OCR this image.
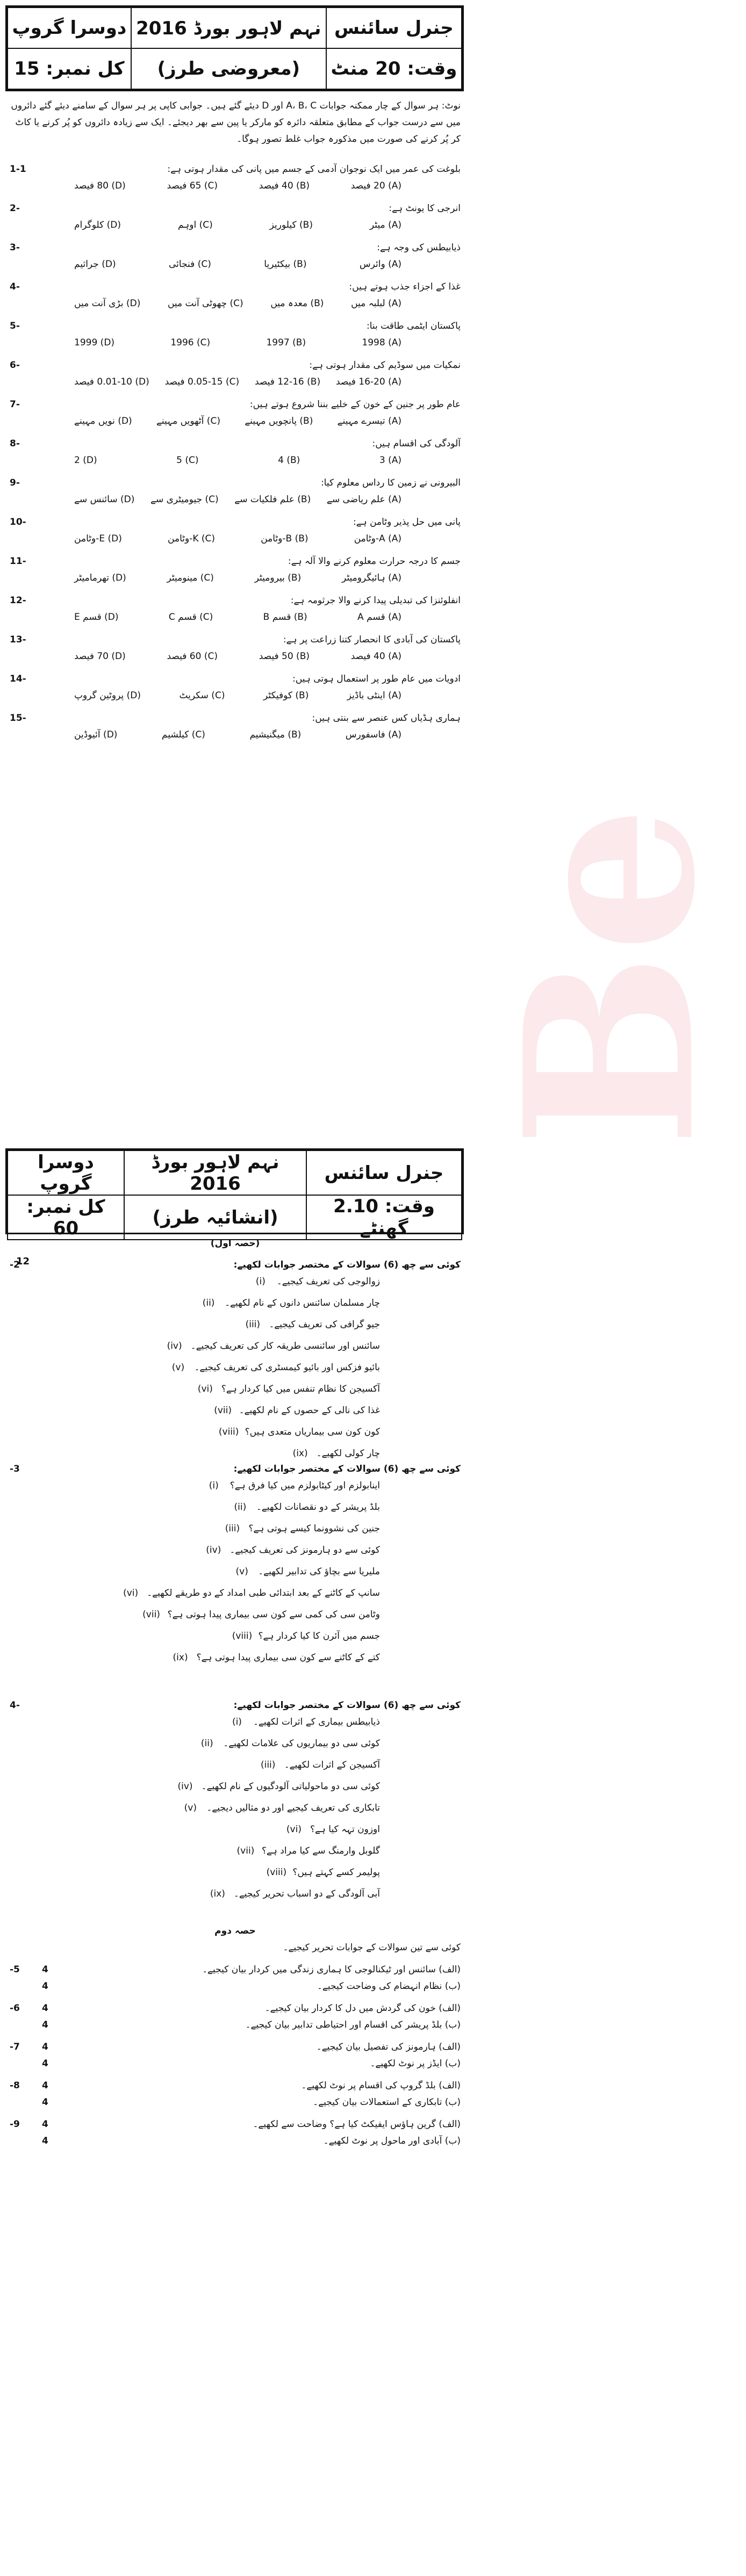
Be
دوسرا گروپ	نہم لاہور بورڈ 2016	جنرل سائنس
کل نمبر: 15	(معروضی طرز)	وقت: 20 منٹ
نوٹ: ہر سوال کے چار ممکنہ جوابات A، B، C اور D دیئے گئے ہیں۔ جوابی کاپی پر ہر سوال کے سامنے دیئے گئے دائروں میں سے درست جواب کے مطابق متعلقہ دائرہ کو مارکر یا پین سے بھر دیجئے۔ ایک سے زیادہ دائروں کو پُر کرنے یا کاٹ کر پُر کرنے کی صورت میں مذکورہ جواب غلط تصور ہوگا۔
بلوغت کی عمر میں ایک نوجوان آدمی کے جسم میں پانی کی مقدار ہوتی ہے:
1-1
(A) 20 فیصد
(B) 40 فیصد
(C) 65 فیصد
(D) 80 فیصد
انرجی کا یونٹ ہے:
2-
(A) میٹر
(B) کیلوریز
(C) اوہم
(D) کلوگرام
ذیابیطس کی وجہ ہے:
3-
(A) وائرس
(B) بیکٹیریا
(C) فنجائی
(D) جراثیم
غذا کے اجزاء جذب ہوتے ہیں:
4-
(A) لبلبہ میں
(B) معدہ میں
(C) چھوٹی آنت میں
(D) بڑی آنت میں
پاکستان ایٹمی طاقت بنا:
5-
(A) 1998
(B) 1997
(C) 1996
(D) 1999
نمکیات میں سوڈیم کی مقدار ہوتی ہے:
6-
(A) 16-20 فیصد
(B) 12-16 فیصد
(C) 0.05-15 فیصد
(D) 0.01-10 فیصد
عام طور پر جنین کے خون کے خلیے بننا شروع ہوتے ہیں:
7-
(A) تیسرے مہینے
(B) پانچویں مہینے
(C) آٹھویں مہینے
(D) نویں مہینے
آلودگی کی اقسام ہیں:
8-
(A) 3
(B) 4
(C) 5
(D) 2
البیرونی نے زمین کا رداس معلوم کیا:
9-
(A) علم ریاضی سے
(B) علم فلکیات سے
(C) جیومیٹری سے
(D) سائنس سے
پانی میں حل پذیر وٹامن ہے:
10-
(A) A-وٹامن
(B) B-وٹامن
(C) K-وٹامن
(D) E-وٹامن
جسم کا درجہ حرارت معلوم کرنے والا آلہ ہے:
11-
(A) ہائیگرومیٹر
(B) بیرومیٹر
(C) مینومیٹر
(D) تھرمامیٹر
انفلوئنزا کی تبدیلی پیدا کرنے والا جرثومہ ہے:
12-
(A) قسم A
(B) قسم B
(C) قسم C
(D) قسم E
پاکستان کی آبادی کا انحصار کتنا زراعت پر ہے:
13-
(A) 40 فیصد
(B) 50 فیصد
(C) 60 فیصد
(D) 70 فیصد
ادویات میں عام طور پر استعمال ہوتی ہیں:
14-
(A) اینٹی باڈیز
(B) کوفیکٹر
(C) سکریٹ
(D) پروٹین گروپ
ہماری ہڈیاں کس عنصر سے بنتی ہیں:
15-
(A) فاسفورس
(B) میگنیشیم
(C) کیلشیم
(D) آئیوڈین
دوسرا گروپ	نہم لاہور بورڈ 2016	جنرل سائنس
کل نمبر: 60	(انشائیہ طرز)	وقت: 2.10 گھنٹے
(حصہ اول)
12	کوئی سے چھ (6) سوالات کے مختصر جوابات لکھیے:
-2
زوالوجی کی تعریف کیجیے۔
(i)
چار مسلمان سائنس دانوں کے نام لکھیے۔
(ii)
جیو گرافی کی تعریف کیجیے۔
(iii)
سائنس اور سائنسی طریقہ کار کی تعریف کیجیے۔
(iv)
بائیو فزکس اور بائیو کیمسٹری کی تعریف کیجیے۔
(v)
آکسیجن کا نظام تنفس میں کیا کردار ہے؟
(vi)
غذا کی نالی کے حصوں کے نام لکھیے۔
(vii)
کون کون سی بیماریاں متعدی ہیں؟
(viii)
چار کولی لکھیے۔
(ix)
کوئی سے چھ (6) سوالات کے مختصر جوابات لکھیے:
-3
اینابولزم اور کیٹابولزم میں کیا فرق ہے؟
(i)
بلڈ پریشر کے دو نقصانات لکھیے۔
(ii)
جنین کی نشوونما کیسے ہوتی ہے؟
(iii)
کوئی سے دو ہارمونز کی تعریف کیجیے۔
(iv)
ملیریا سے بچاؤ کی تدابیر لکھیے۔
(v)
سانپ کے کاٹنے کے بعد ابتدائی طبی امداد کے دو طریقے لکھیے۔
(vi)
وٹامن سی کی کمی سے کون سی بیماری پیدا ہوتی ہے؟
(vii)
جسم میں آئرن کا کیا کردار ہے؟
(viii)
کتے کے کاٹنے سے کون سی بیماری پیدا ہوتی ہے؟
(ix)
کوئی سے چھ (6) سوالات کے مختصر جوابات لکھیے:
4-
ذیابیطس بیماری کے اثرات لکھیے۔
(i)
کوئی سی دو بیماریوں کی علامات لکھیے۔
(ii)
آکسیجن کے اثرات لکھیے۔
(iii)
کوئی سی دو ماحولیاتی آلودگیوں کے نام لکھیے۔
(iv)
تابکاری کی تعریف کیجیے اور دو مثالیں دیجیے۔
(v)
اوزون تہہ کیا ہے؟
(vi)
گلوبل وارمنگ سے کیا مراد ہے؟
(vii)
پولیمر کسے کہتے ہیں؟
(viii)
آبی آلودگی کے دو اسباب تحریر کیجیے۔
(ix)
حصہ دوم
کوئی سے تین سوالات کے جوابات تحریر کیجیے۔
(الف) سائنس اور ٹیکنالوجی کا ہماری زندگی میں کردار بیان کیجیے۔
-5	4
(ب) نظام انہضام کی وضاحت کیجیے۔
4
(الف) خون کی گردش میں دل کا کردار بیان کیجیے۔
-6	4
(ب) بلڈ پریشر کی اقسام اور احتیاطی تدابیر بیان کیجیے۔
4
(الف) ہارمونز کی تفصیل بیان کیجیے۔
-7	4
(ب) ایڈز پر نوٹ لکھیے۔
4
(الف) بلڈ گروپ کی اقسام پر نوٹ لکھیے۔
-8	4
(ب) تابکاری کے استعمالات بیان کیجیے۔
4
(الف) گرین ہاؤس ایفیکٹ کیا ہے؟ وضاحت سے لکھیے۔
-9	4
(ب) آبادی اور ماحول پر نوٹ لکھیے۔
4
